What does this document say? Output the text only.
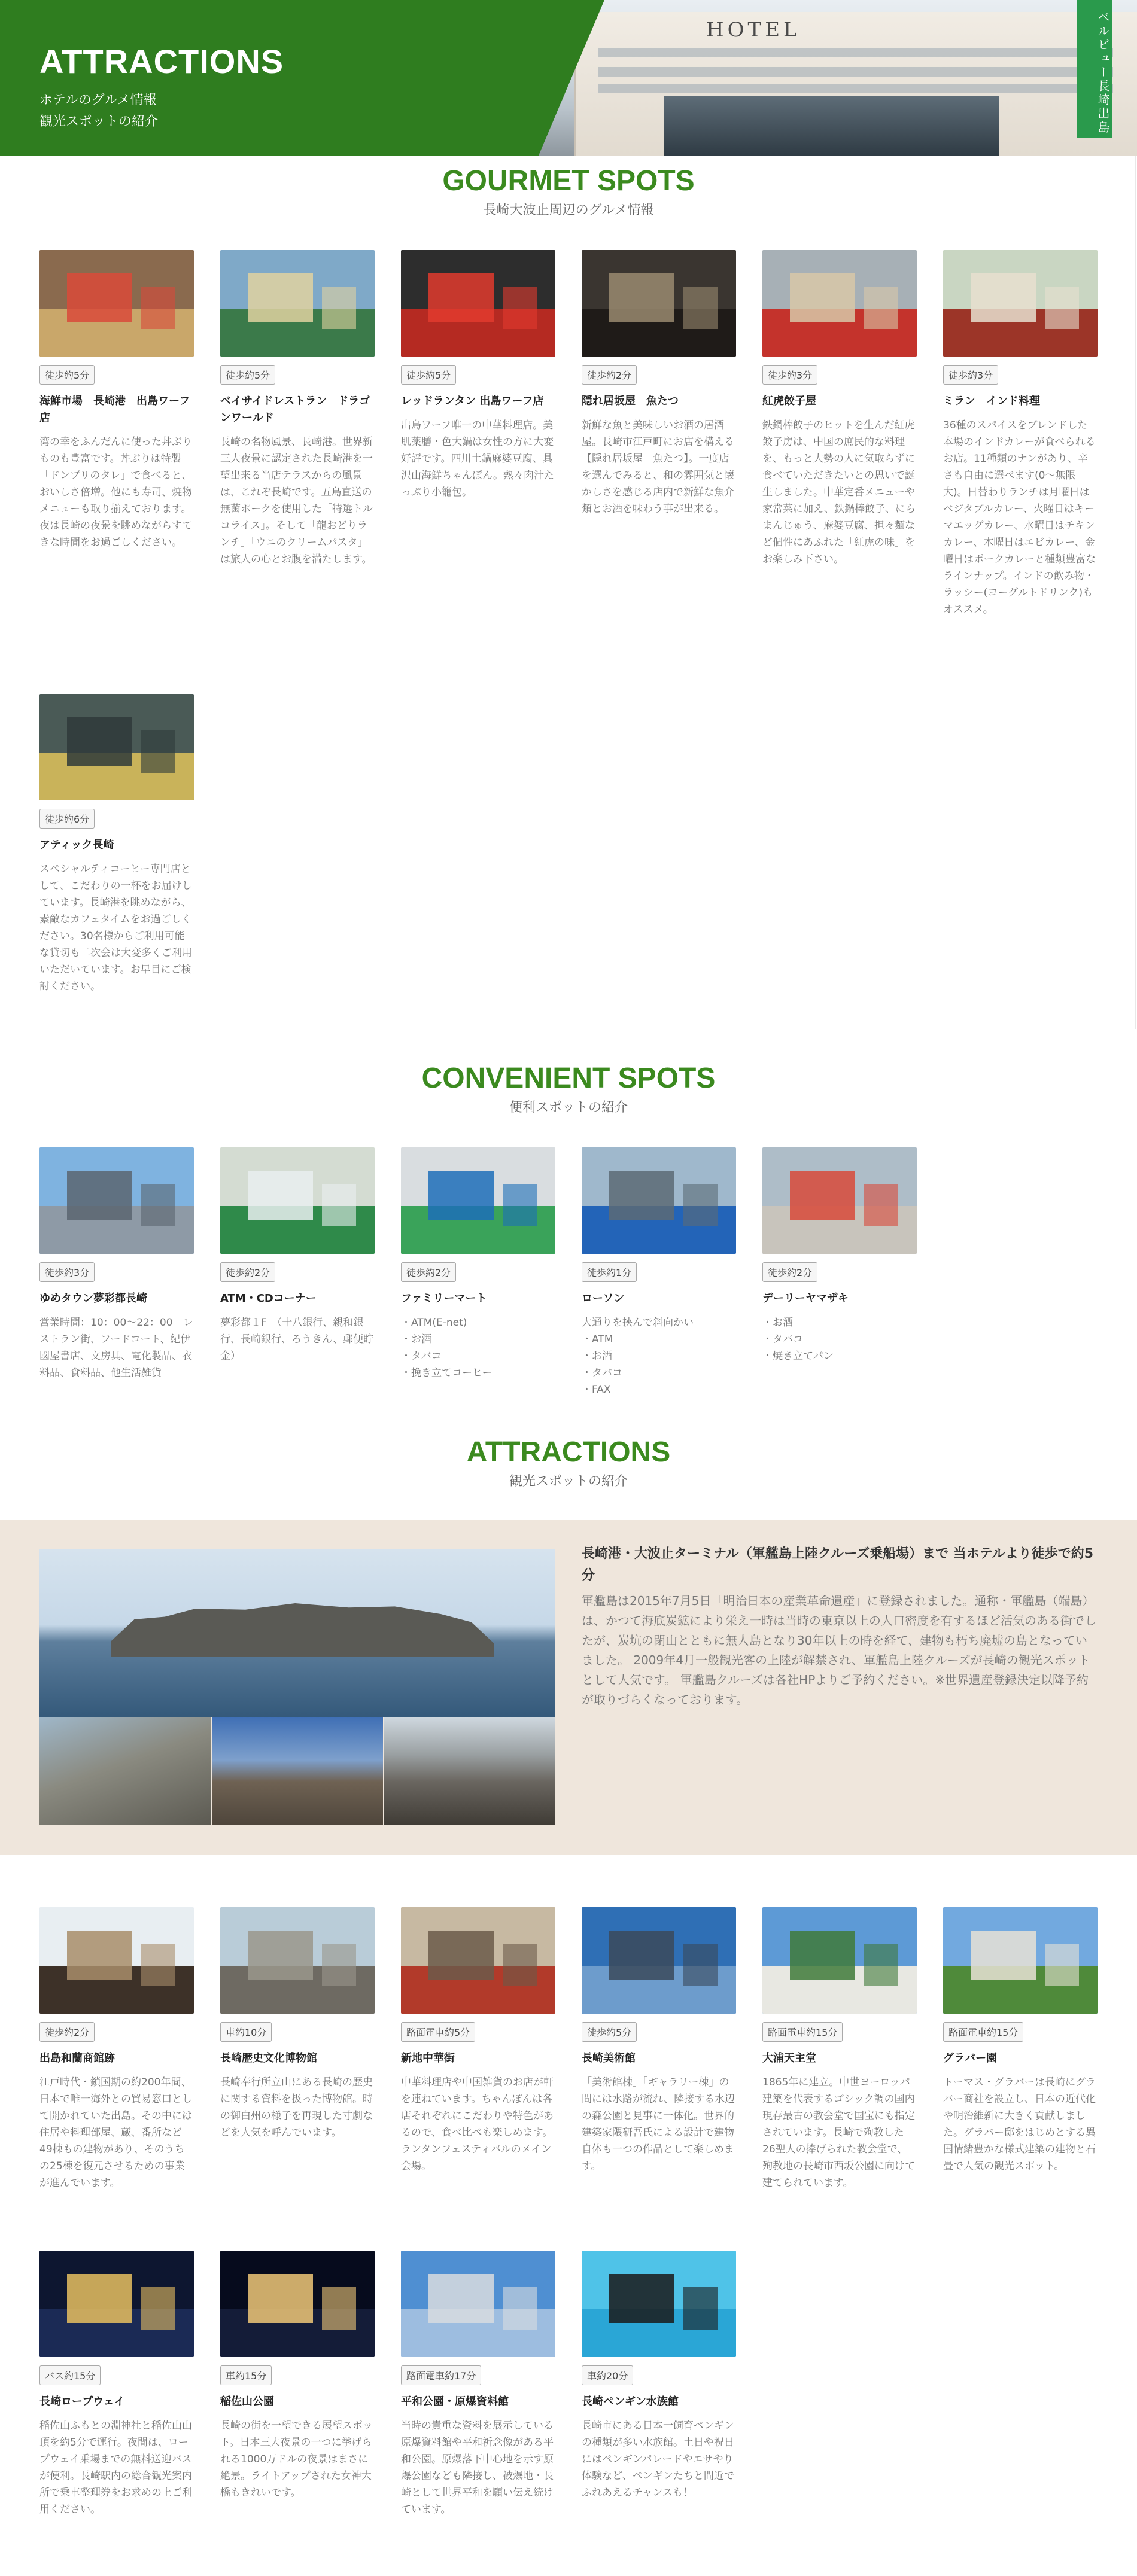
HOTEL	ベルビュー長崎出島
ATTRACTIONS
ホテルのグルメ情報
観光スポットの紹介
GOURMET SPOTS
長崎大波止周辺のグルメ情報
徒歩約5分
海鮮市場　長崎港　出島ワーフ店
湾の幸をふんだんに使った丼ぶりものも豊富です。丼ぶりは特製「ドンブリのタレ」で食べると、おいしさ倍増。他にも寿司、焼物メニューも取り揃えております。夜は長崎の夜景を眺めながらすてきな時間をお過ごしください。
徒歩約5分
ベイサイドレストラン　ドラゴンワールド
長崎の名物風景、長崎港。世界新三大夜景に認定された長崎港を一望出来る当店テラスからの風景は、これぞ長崎です。五島直送の無菌ポークを使用した「特選トルコライス」。そして「龍おどりランチ」「ウニのクリームパスタ」は旅人の心とお腹を満たします。
徒歩約5分
レッドランタン 出島ワーフ店
出島ワーフ唯一の中華料理店。美肌薬膳・色大鍋は女性の方に大変好評です。四川土鍋麻婆豆腐、具沢山海鮮ちゃんぽん。熱々肉汁たっぷり小籠包。
徒歩約2分
隠れ居坂屋　魚たつ
新鮮な魚と美味しいお酒の居酒屋。長崎市江戸町にお店を構える【隠れ居坂屋　魚たつ】。一度店を選んでみると、和の雰囲気と懐かしさを感じる店内で新鮮な魚介類とお酒を味わう事が出来る。
徒歩約3分
紅虎餃子屋
鉄鍋棒餃子のヒットを生んだ紅虎餃子房は、中国の庶民的な料理を、もっと大勢の人に気取らずに食べていただきたいとの思いで誕生しました。中華定番メニューや家常菜に加え、鉄鍋棒餃子、にらまんじゅう、麻婆豆腐、担々麺など個性にあふれた「紅虎の味」をお楽しみ下さい。
徒歩約3分
ミラン　インド料理
36種のスパイスをブレンドした本場のインドカレーが食べられるお店。11種類のナンがあり、辛さも自由に選べます(0〜無限大)。日替わりランチは月曜日はベジタブルカレー、火曜日はキーマエッグカレー、水曜日はチキンカレー、木曜日はエビカレー、金曜日はポークカレーと種類豊富なラインナップ。インドの飲み物・ラッシー(ヨーグルトドリンク)もオススメ。
徒歩約6分
アティック長崎
スペシャルティコーヒー専門店として、こだわりの一杯をお届けしています。長崎港を眺めながら、素敵なカフェタイムをお過ごしください。30名様からご利用可能な貸切も二次会は大変多くご利用いただいています。お早目にご検討ください。
CONVENIENT SPOTS
便利スポットの紹介
徒歩約3分
ゆめタウン夢彩都長崎
営業時間：10：00〜22：00　レストラン街、フードコート、紀伊國屋書店、文房具、電化製品、衣料品、食料品、他生活雑貨
徒歩約2分
ATM・CDコーナー
夢彩都１F　（十八銀行、親和銀行、長崎銀行、ろうきん、郵便貯金）
徒歩約2分
ファミリーマート
・ATM(E-net)
・お酒
・タバコ
・挽き立てコーヒー
徒歩約1分
ローソン
大通りを挟んで斜向かい
・ATM
・お酒
・タバコ
・FAX
徒歩約2分
デーリーヤマザキ
・お酒
・タバコ
・焼き立てパン
ATTRACTIONS
観光スポットの紹介
長崎港・大波止ターミナル（軍艦島上陸クルーズ乗船場）まで 当ホテルより徒歩で約5分
軍艦島は2015年7月5日「明治日本の産業革命遺産」に登録されました。通称・軍艦島（端島）は、かつて海底炭鉱により栄え一時は当時の東京以上の人口密度を有するほど活気のある街でしたが、炭坑の閉山とともに無人島となり30年以上の時を経て、建物も朽ち廃墟の島となっていました。 2009年4月一般観光客の上陸が解禁され、軍艦島上陸クルーズが長崎の観光スポットとして人気です。 軍艦島クルーズは各社HPよりご予約ください。※世界遺産登録決定以降予約が取りづらくなっております。
徒歩約2分
出島和蘭商館跡
江戸時代・鎖国期の約200年間、日本で唯一海外との貿易窓口として開かれていた出島。その中には住居や料理部屋、蔵、番所など49棟もの建物があり、そのうちの25棟を復元させるための事業が進んでいます。
車約10分
長崎歴史文化博物館
長崎奉行所立山にある長崎の歴史に関する資料を扱った博物館。時の御白州の様子を再現した寸劇などを人気を呼んでいます。
路面電車約5分
新地中華街
中華料理店や中国雑貨のお店が軒を連ねています。ちゃんぽんは各店それぞれにこだわりや特色があるので、食べ比べも楽しめます。ランタンフェスティバルのメイン会場。
徒歩約5分
長崎美術館
「美術館棟」「ギャラリー棟」の間には水路が流れ、隣接する水辺の森公園と見事に一体化。世界的建築家隈研吾氏による設計で建物自体も一つの作品として楽しめます。
路面電車約15分
大浦天主堂
1865年に建立。中世ヨーロッパ建築を代表するゴシック調の国内現存最古の教会堂で国宝にも指定されています。長崎で殉教した26聖人の捧げられた教会堂で、殉教地の長崎市西坂公園に向けて建てられています。
路面電車約15分
グラバー園
トーマス・グラバーは長崎にグラバー商社を設立し、日本の近代化や明治維新に大きく貢献しました。グラバー邸をはじめとする異国情緒豊かな様式建築の建物と石畳で人気の観光スポット。
バス約15分
長崎ロープウェイ
稲佐山ふもとの淵神社と稲佐山山頂を約5分で運行。夜間は、ロープウェイ乗場までの無料送迎バスが便利。長崎駅内の総合観光案内所で乗車整理券をお求めの上ご利用ください。
車約15分
稲佐山公園
長崎の街を一望できる展望スポット。日本三大夜景の一つに挙げられる1000万ドルの夜景はまさに絶景。ライトアップされた女神大橋もきれいです。
路面電車約17分
平和公園・原爆資料館
当時の貴重な資料を展示している原爆資料館や平和祈念像がある平和公園。原爆落下中心地を示す原爆公園なども隣接し、被爆地・長崎として世界平和を願い伝え続けています。
車約20分
長崎ペンギン水族館
長崎市にある日本一飼育ペンギンの種類が多い水族館。土日や祝日にはペンギンパレードやエサやり体験など、ペンギンたちと間近でふれあえるチャンスも！
